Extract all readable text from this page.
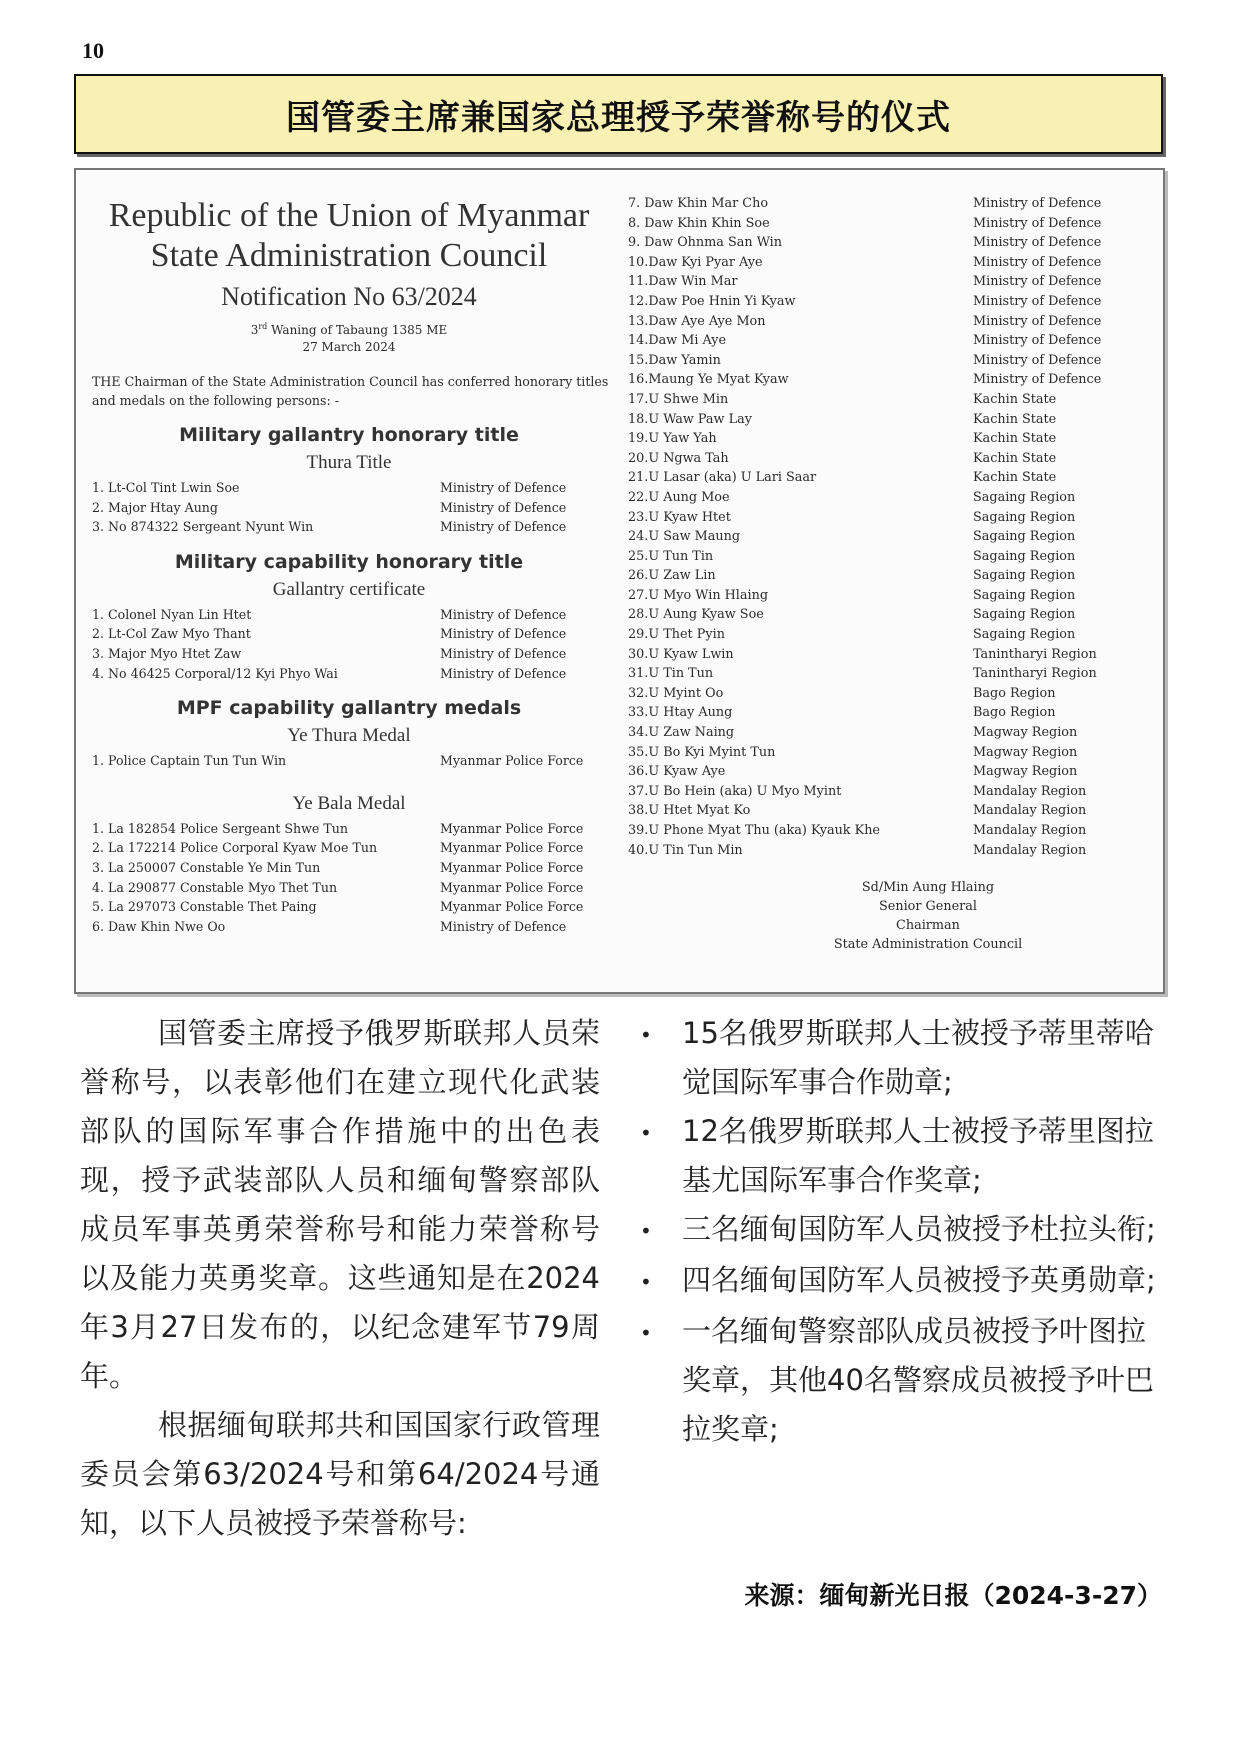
10
国管委主席兼国家总理授予荣誉称号的仪式
Republic of the Union of Myanmar
State Administration Council
Notification No 63/2024
3rd Waning of Tabaung 1385 ME
27 March 2024
THE Chairman of the State Administration Council has conferred honorary titles and medals on the following persons: -
Military gallantry honorary title
Thura Title
1. Lt-Col Tint Lwin Soe	Ministry of Defence
2. Major Htay Aung	Ministry of Defence
3. No 874322 Sergeant Nyunt Win	Ministry of Defence
Military capability honorary title
Gallantry certificate
1. Colonel Nyan Lin Htet	Ministry of Defence
2. Lt-Col Zaw Myo Thant	Ministry of Defence
3. Major Myo Htet Zaw	Ministry of Defence
4. No 46425 Corporal/12 Kyi Phyo Wai	Ministry of Defence
MPF capability gallantry medals
Ye Thura Medal
1. Police Captain Tun Tun Win	Myanmar Police Force
Ye Bala Medal
1. La 182854 Police Sergeant Shwe Tun	Myanmar Police Force
2. La 172214 Police Corporal Kyaw Moe Tun	Myanmar Police Force
3. La 250007 Constable Ye Min Tun	Myanmar Police Force
4. La 290877 Constable Myo Thet Tun	Myanmar Police Force
5. La 297073 Constable Thet Paing	Myanmar Police Force
6. Daw Khin Nwe Oo	Ministry of Defence
7. Daw Khin Mar Cho	Ministry of Defence
8. Daw Khin Khin Soe	Ministry of Defence
9. Daw Ohnma San Win	Ministry of Defence
10.Daw Kyi Pyar Aye	Ministry of Defence
11.Daw Win Mar	Ministry of Defence
12.Daw Poe Hnin Yi Kyaw	Ministry of Defence
13.Daw Aye Aye Mon	Ministry of Defence
14.Daw Mi Aye	Ministry of Defence
15.Daw Yamin	Ministry of Defence
16.Maung Ye Myat Kyaw	Ministry of Defence
17.U Shwe Min	Kachin State
18.U Waw Paw Lay	Kachin State
19.U Yaw Yah	Kachin State
20.U Ngwa Tah	Kachin State
21.U Lasar (aka) U Lari Saar	Kachin State
22.U Aung Moe	Sagaing Region
23.U Kyaw Htet	Sagaing Region
24.U Saw Maung	Sagaing Region
25.U Tun Tin	Sagaing Region
26.U Zaw Lin	Sagaing Region
27.U Myo Win Hlaing	Sagaing Region
28.U Aung Kyaw Soe	Sagaing Region
29.U Thet Pyin	Sagaing Region
30.U Kyaw Lwin	Tanintharyi Region
31.U Tin Tun	Tanintharyi Region
32.U Myint Oo	Bago Region
33.U Htay Aung	Bago Region
34.U Zaw Naing	Magway Region
35.U Bo Kyi Myint Tun	Magway Region
36.U Kyaw Aye	Magway Region
37.U Bo Hein (aka) U Myo Myint	Mandalay Region
38.U Htet Myat Ko	Mandalay Region
39.U Phone Myat Thu (aka) Kyauk Khe	Mandalay Region
40.U Tin Tun Min	Mandalay Region
Sd/Min Aung Hlaing
Senior General
Chairman
State Administration Council

国管委主席授予俄罗斯联邦人员荣誉称号，以表彰他们在建立现代化武装部队的国际军事合作措施中的出色表现，授予武装部队人员和缅甸警察部队成员军事英勇荣誉称号和能力荣誉称号以及能力英勇奖章。这些通知是在2024年3月27日发布的，以纪念建军节79周年。

根据缅甸联邦共和国国家行政管理委员会第63/2024号和第64/2024号通知，以下人员被授予荣誉称号:

•	15名俄罗斯联邦人士被授予蒂里蒂哈觉国际军事合作勋章;
•	12名俄罗斯联邦人士被授予蒂里图拉基尤国际军事合作奖章;
•	三名缅甸国防军人员被授予杜拉头衔;
•	四名缅甸国防军人员被授予英勇勋章;
•	一名缅甸警察部队成员被授予叶图拉奖章，其他40名警察成员被授予叶巴拉奖章;
来源：缅甸新光日报（2024-3-27）
